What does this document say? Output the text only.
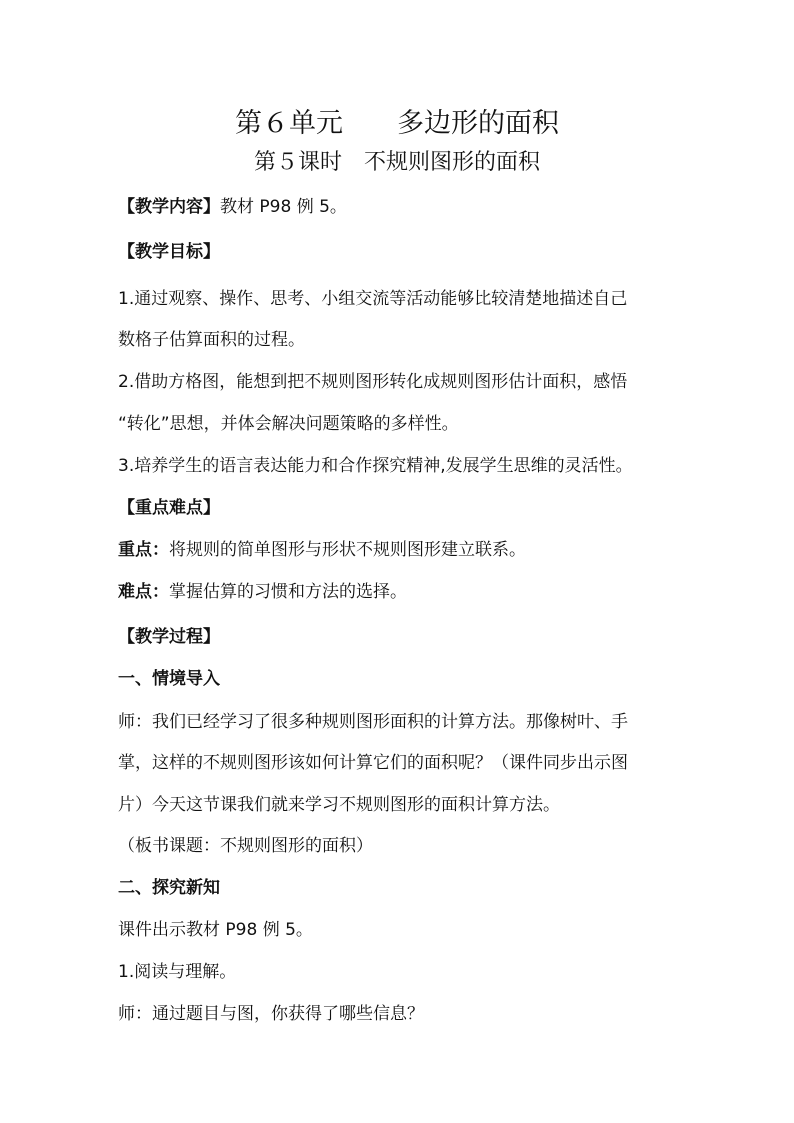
第６单元　　多边形的面积
第５课时　不规则图形的面积
【教学内容】教材 P98 例 5。
【教学目标】
1.通过观察、操作、思考、小组交流等活动能够比较清楚地描述自己
数格子估算面积的过程。
2.借助方格图，能想到把不规则图形转化成规则图形估计面积，感悟
“转化”思想，并体会解决问题策略的多样性。
3.培养学生的语言表达能力和合作探究精神,发展学生思维的灵活性。
【重点难点】
重点：将规则的简单图形与形状不规则图形建立联系。
难点：掌握估算的习惯和方法的选择。
【教学过程】
一、情境导入
师：我们已经学习了很多种规则图形面积的计算方法。那像树叶、手
掌，这样的不规则图形该如何计算它们的面积呢？（课件同步出示图
片）今天这节课我们就来学习不规则图形的面积计算方法。
（板书课题：不规则图形的面积）
二、探究新知
课件出示教材 P98 例 5。
1.阅读与理解。
师：通过题目与图，你获得了哪些信息？
